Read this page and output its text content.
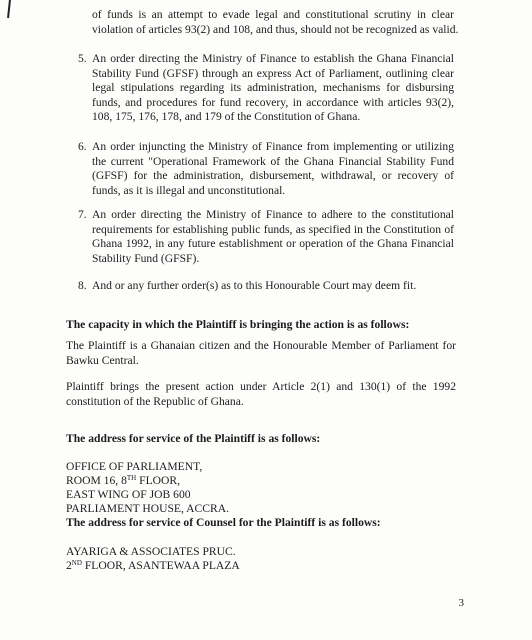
of funds is an attempt to evade legal and constitutional scrutiny in clear
violation of articles 93(2) and 108, and thus, should not be recognized as valid.

5. An order directing the Ministry of Finance to establish the Ghana Financial
Stability Fund (GFSF) through an express Act of Parliament, outlining clear
legal stipulations regarding its administration, mechanisms for disbursing
funds, and procedures for fund recovery, in accordance with articles 93(2),
108, 175, 176, 178, and 179 of the Constitution of Ghana.

6. An order injuncting the Ministry of Finance from implementing or utilizing
the current "Operational Framework of the Ghana Financial Stability Fund
(GFSF) for the administration, disbursement, withdrawal, or recovery of
funds, as it is illegal and unconstitutional.

7. An order directing the Ministry of Finance to adhere to the constitutional
requirements for establishing public funds, as specified in the Constitution of
Ghana 1992, in any future establishment or operation of the Ghana Financial
Stability Fund (GFSF).

8. And or any further order(s) as to this Honourable Court may deem fit.

The capacity in which the Plaintiff is bringing the action is as follows:

The Plaintiff is a Ghanaian citizen and the Honourable Member of Parliament for
Bawku Central.

Plaintiff brings the present action under Article 2(1) and 130(1) of the 1992
constitution of the Republic of Ghana.

The address for service of the Plaintiff is as follows:

OFFICE OF PARLIAMENT,
ROOM 16, 8TH FLOOR,
EAST WING OF JOB 600
PARLIAMENT HOUSE, ACCRA.

The address for service of Counsel for the Plaintiff is as follows:

AYARIGA & ASSOCIATES PRUC.
2ND FLOOR, ASANTEWAA PLAZA
3
